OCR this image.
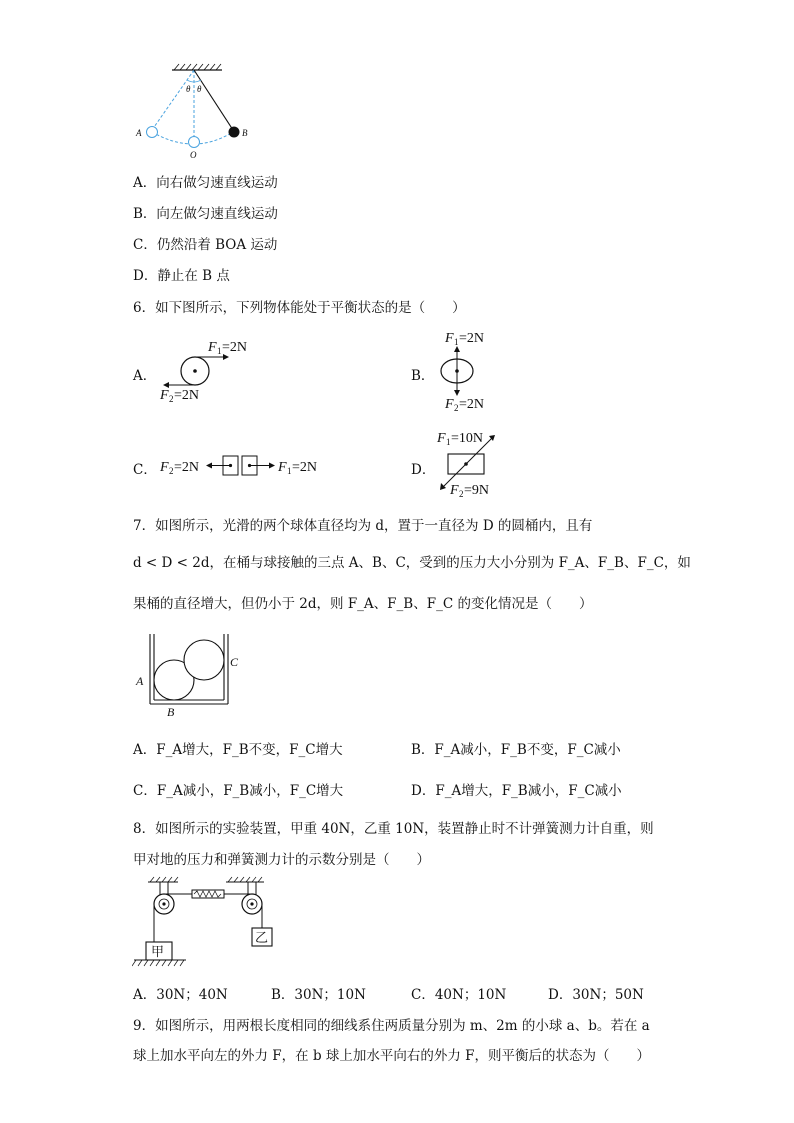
θ θ
A
O
B
A．向右做匀速直线运动
B．向左做匀速直线运动
C．仍然沿着 BOA 运动
D．静止在 B 点
6．如下图所示，下列物体能处于平衡状态的是（　　）
A．
F 1 =2N
F 2 =2N
B．
F 1 =2N
F 2 =2N
C． F 2 =2N	F 1 =2N	D．
F 1 =10N
F 2 =9N
7．如图所示，光滑的两个球体直径均为 d，置于一直径为 D 的圆桶内，且有
d < D < 2d，在桶与球接触的三点 A、B、C，受到的压力大小分别为 F_A、F_B、F_C，如
果桶的直径增大，但仍小于 2d，则 F_A、F_B、F_C 的变化情况是（　　）
A
B
C
A．F_A增大，F_B不变，F_C增大	B．F_A减小，F_B不变，F_C减小
C．F_A减小，F_B减小，F_C增大	D．F_A增大，F_B减小，F_C减小
8．如图所示的实验装置，甲重 40N，乙重 10N，装置静止时不计弹簧测力计自重，则
甲对地的压力和弹簧测力计的示数分别是（　　）
甲
乙
A．30N；40N	B．30N；10N	C．40N；10N	D．30N；50N
9．如图所示，用两根长度相同的细线系住两质量分别为 m、2m 的小球 a、b。若在 a
球上加水平向左的外力 F，在 b 球上加水平向右的外力 F，则平衡后的状态为（　　）
